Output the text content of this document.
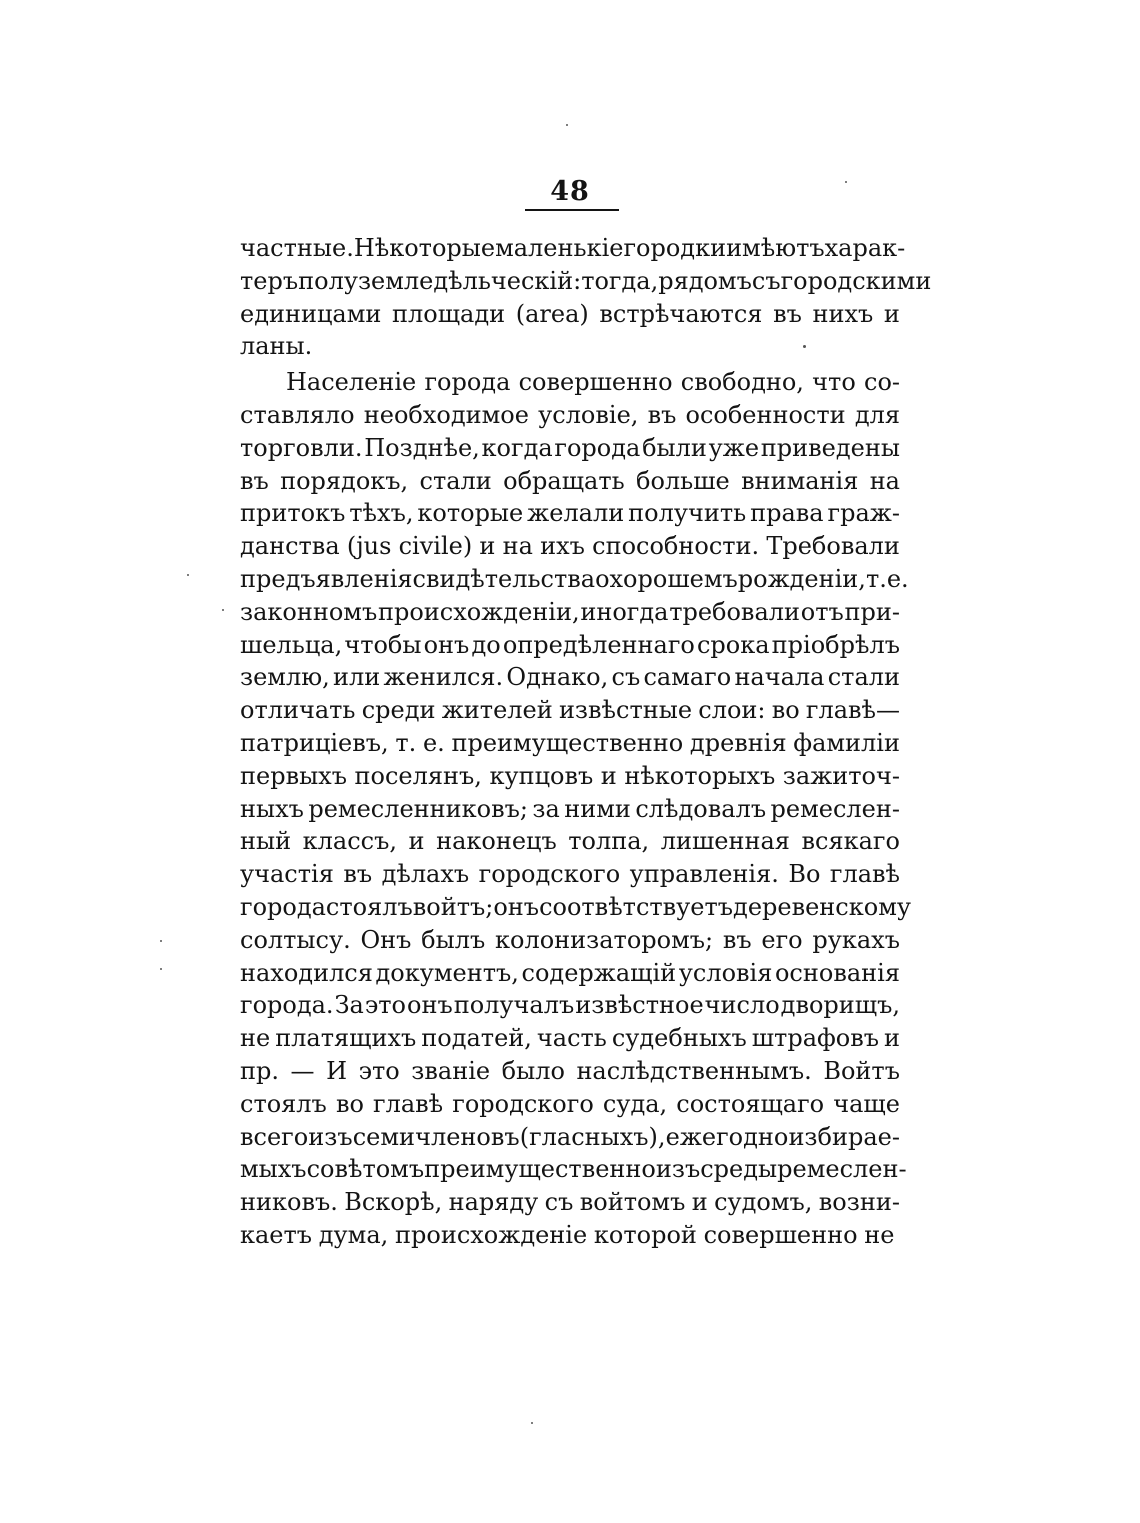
48
частные. Нѣкоторые маленькіе городки имѣютъ харак-
теръ полуземледѣльческій: тогда, рядомъ съ городскими
единицами площади (area) встрѣчаются въ нихъ и
ланы.
Населеніе города совершенно свободно, что со-
ставляло необходимое условіе, въ особенности для
торговли. Позднѣе, когда города были уже приведены
въ порядокъ, стали обращать больше вниманія на
притокъ тѣхъ, которые желали получить права граж-
данства (jus civile) и на ихъ способности. Требовали
предъявленія свидѣтельства о хорошемъ рожденіи, т. е.
законномъ происхожденіи, иногда требовали отъ при-
шельца, чтобы онъ до опредѣленнаго срока пріобрѣлъ
землю, или женился. Однако, съ самаго начала стали
отличать среди жителей извѣстные слои: во главѣ—
патриціевъ, т. е. преимущественно древнія фамиліи
первыхъ поселянъ, купцовъ и нѣкоторыхъ зажиточ-
ныхъ ремесленниковъ; за ними слѣдовалъ ремеслен-
ный классъ, и наконецъ толпа, лишенная всякаго
участія въ дѣлахъ городского управленія. Во главѣ
города стоялъ войтъ; онъ соотвѣтствуетъ деревенскому
солтысу. Онъ былъ колонизаторомъ; въ его рукахъ
находился документъ, содержащій условія основанія
города. За это онъ получалъ извѣстное число дворищъ,
не платящихъ податей, часть судебныхъ штрафовъ и
пр. — И это званіе было наслѣдственнымъ. Войтъ
стоялъ во главѣ городского суда, состоящаго чаще
всего изъ семи членовъ (гласныхъ), ежегодно избирае-
мыхъ совѣтомъ преимущественно изъ среды ремеслен-
никовъ. Вскорѣ, наряду съ войтомъ и судомъ, возни-
каетъ дума, происхожденіе которой совершенно не
